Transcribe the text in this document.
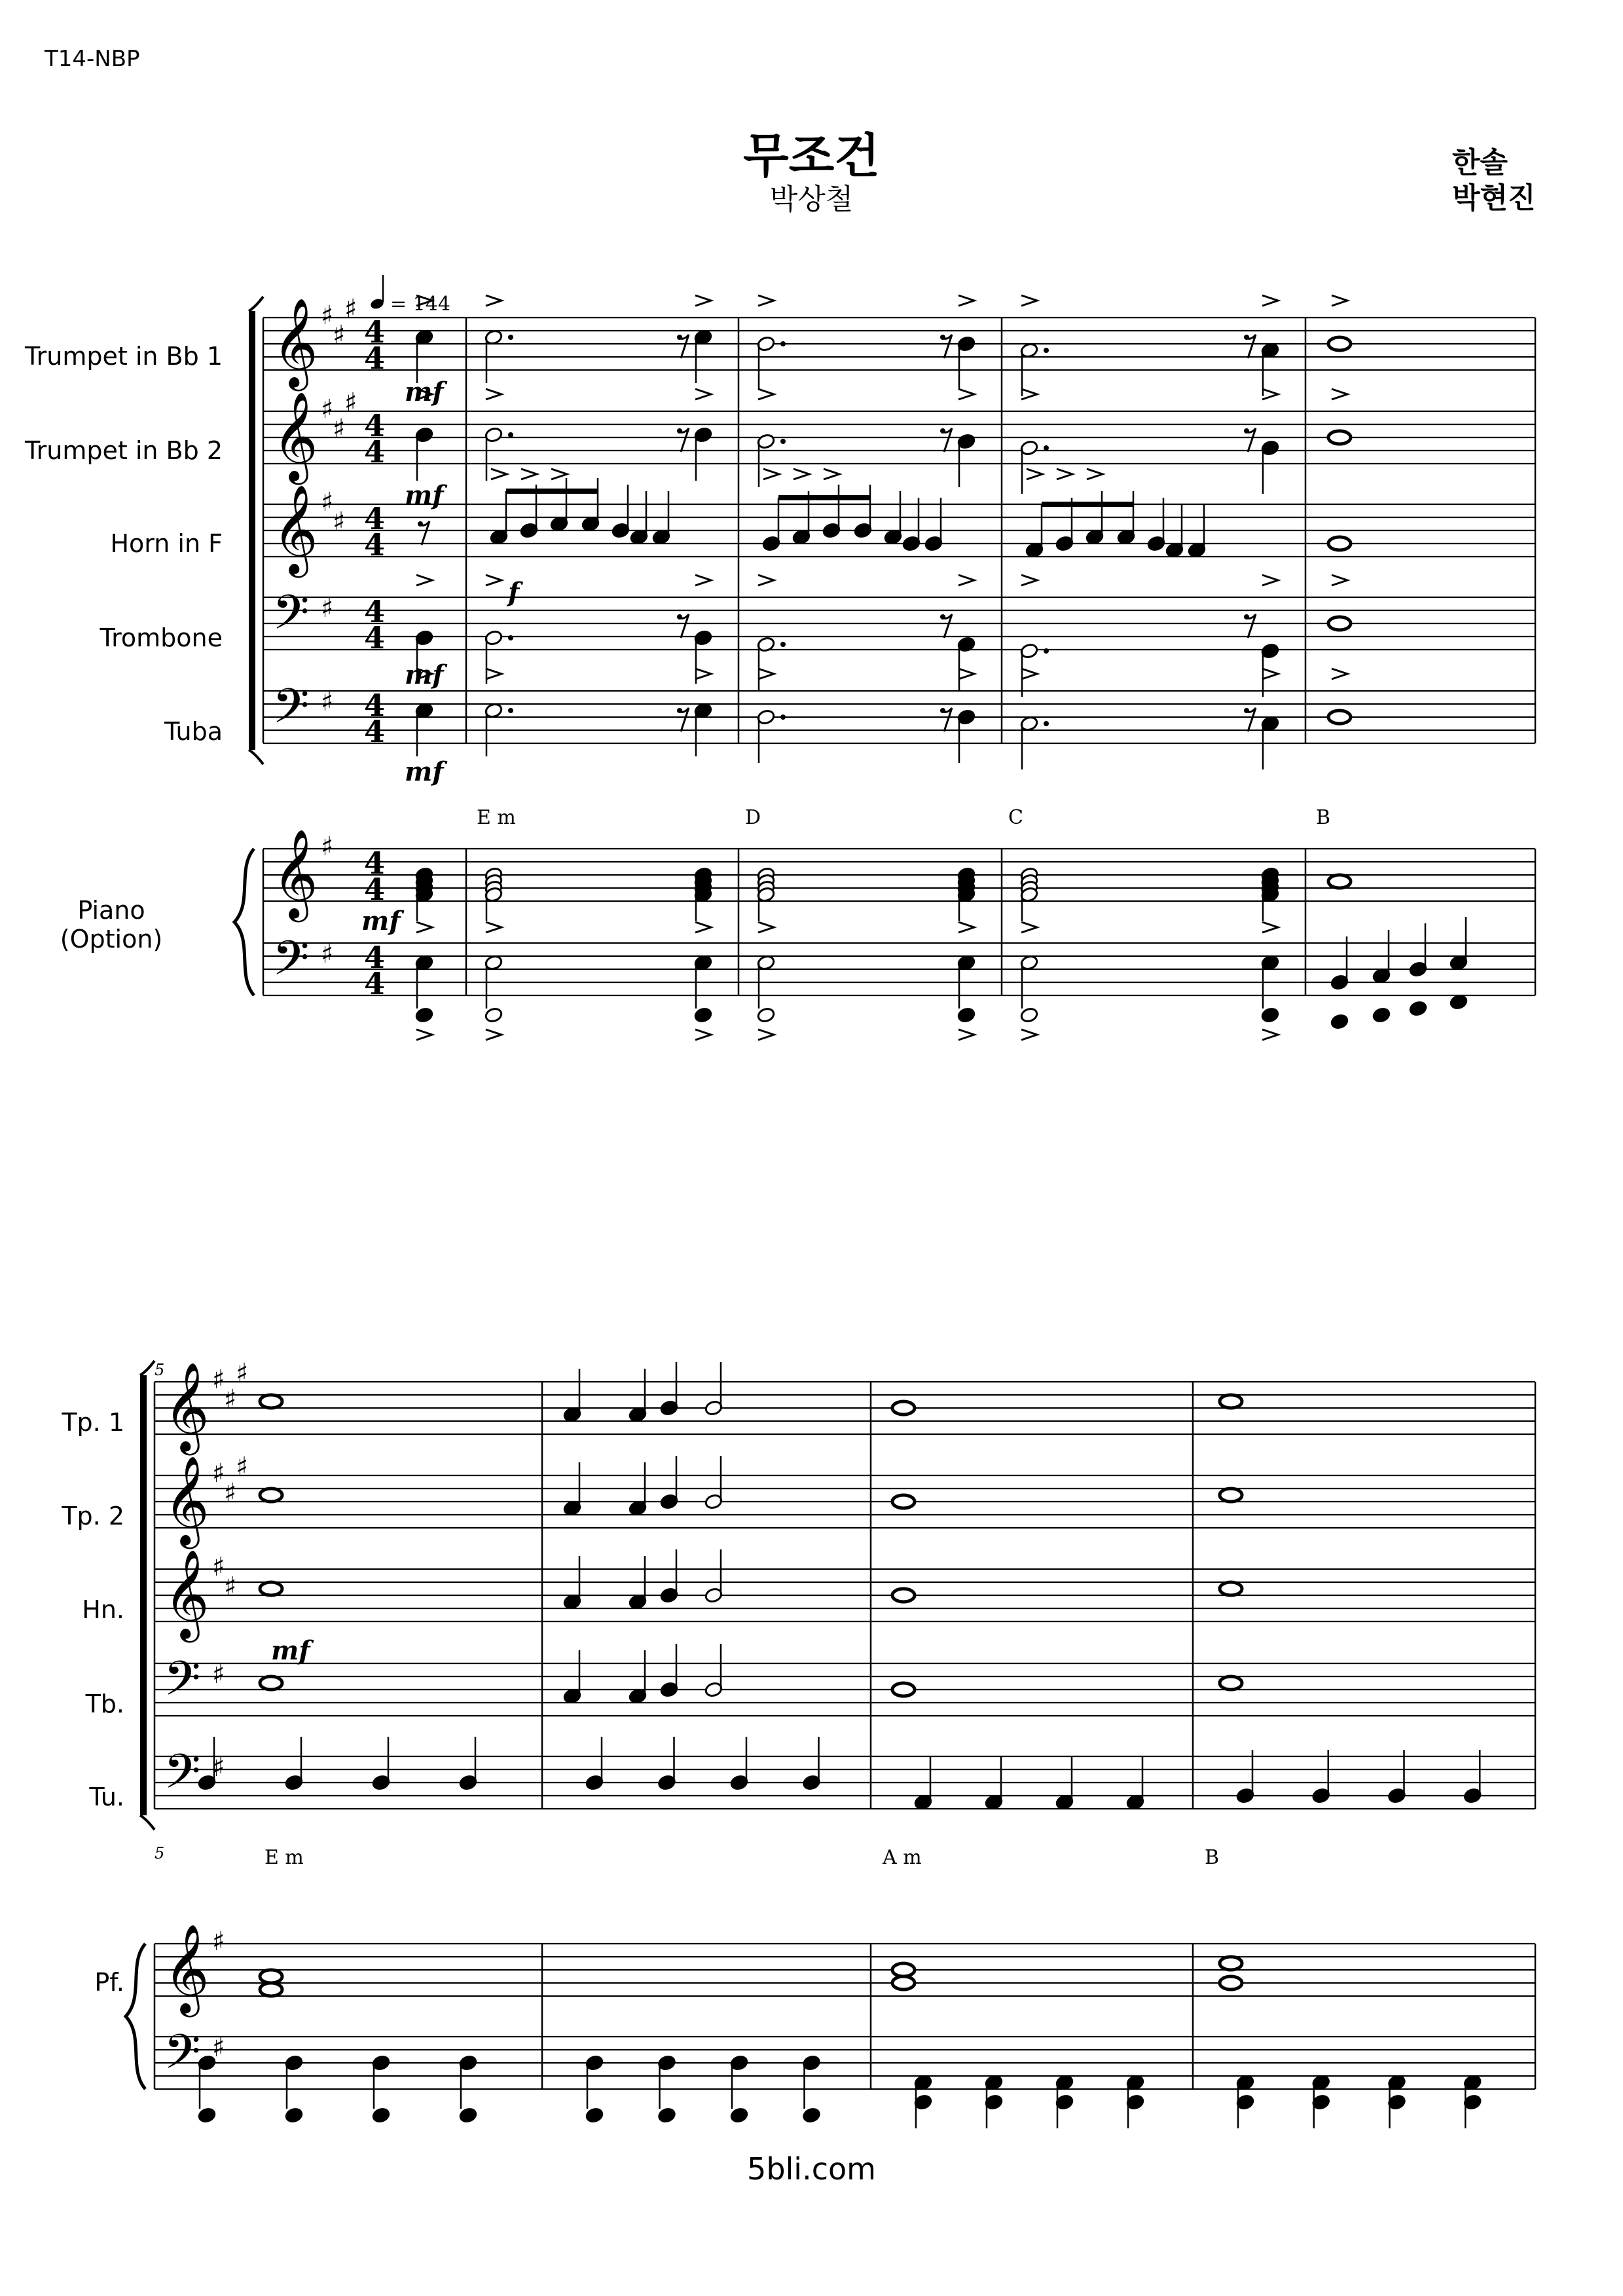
T14-NBP
무조건
박상철
한솔
박현진
Trumpet in Bb 1
Trumpet in Bb 2
Horn in F
Trombone
Tuba
Piano
(Option)
Tp. 1
Tp. 2
Hn.
Tb.
Tu.
Pf.
5bli.com
𝄞 ♯
♯
♯
𝄞 ♯
♯
♯
𝄞 ♯
♯
𝄢 ♯
𝄢 ♯
𝄞 ♯
𝄢 ♯
𝄞 ♯
♯
♯
𝄞 ♯
♯
♯
𝄞 ♯
♯
𝄢 ♯
𝄢 ♯
𝄞 ♯
𝄢 ♯
= 144
4
4
4
4
4
4
4
4
4
4
4
4
4
4
E m	D	C	B
E m	A m	B
5
5
mf
mf
f
mf
mf
mf
mf
